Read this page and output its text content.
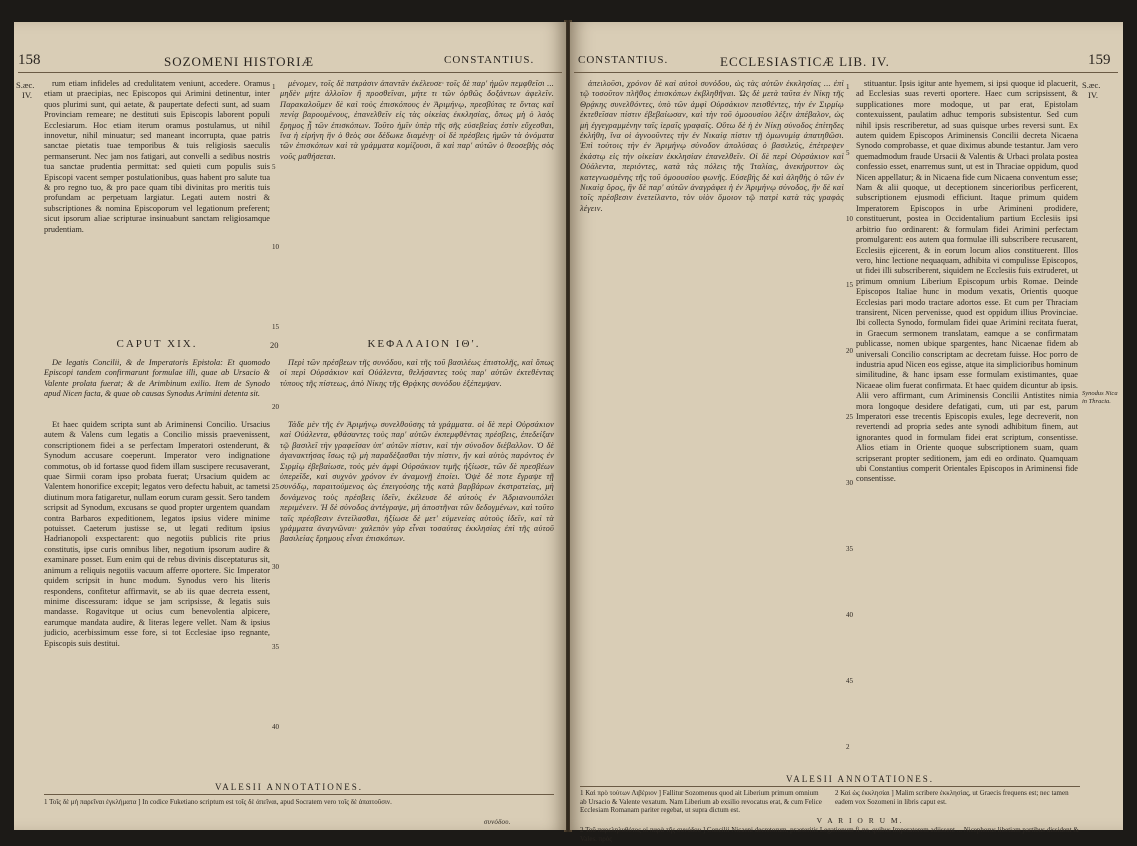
158	SOZOMENI HISTORIÆ	CONSTANTIUS.
S.æc.
IV.

rum etiam infideles ad credulitatem veniunt, accedere. Oramus etiam ut praecipias, nec Episcopos qui Arimini detinentur, inter quos plurimi sunt, qui aetate, & paupertate defecti sunt, ad suam Provinciam remeare; ne destituti suis Episcopis laborent populi Ecclesiarum. Hoc etiam iterum oramus postulamus, ut nihil innovetur, nihil minuatur; sed maneant incorrupta, quae patris sanctae pietatis tuae temporibus & tuis religiosis saeculis permanserunt. Nec jam nos fatigari, aut convelli a sedibus nostris tua sanctae prudentia permittat: sed quieti cum populis suis Episcopi vacent semper postulationibus, quas habent pro salute tua & pro regno tuo, & pro pace quam tibi divinitas pro meritis tuis profundam ac perpetuam largiatur. Legati autem nostri & subscriptiones & nomina Episcoporum vel legationum preferent; sicut ipsorum aliae scripturae insinuabunt sanctam religiosamque prudentiam.

μένομεν, τοῖς δὲ πατράσιν ἀπαντᾶν ἐκέλευσε· τοῖς δὲ παρ' ἡμῶν πεμφθεῖσι ... μηδὲν μήτε ἀλλοῖον ἢ προσθεῖναι, μήτε τι τῶν ὀρθῶς δοξάντων ἀφελεῖν. Παρακαλοῦμεν δὲ καὶ τοὺς ἐπισκόπους ἐν Ἀριμήνῳ, πρεσβύτας τε ὄντας καὶ πενίᾳ βαρουμένους, ἐπανελθεῖν εἰς τὰς οἰκείας ἐκκλησίας, ὅπως μὴ ὁ λαὸς ἔρημος ᾖ τῶν ἐπισκόπων. Τοῦτο ἡμῖν ὑπὲρ τῆς σῆς εὐσεβείας ἐστὶν εὔχεσθαι, ἵνα ἡ εἰρήνη ἣν ὁ θεὸς σοι δέδωκε διαμένῃ· οἱ δὲ πρέσβεις ἡμῶν τὰ ὀνόματα τῶν ἐπισκόπων καὶ τὰ γράμματα κομίζουσι, ἅ καὶ παρ' αὐτῶν ὁ θεοσεβὴς σὸς νοῦς μαθήσεται.

CAPUT XIX.	20	ΚΕΦΑΛΑΙΟΝ ΙΘʹ.

De legatis Concilii, & de Imperatoris Epistola: Et quomodo Episcopi tandem confirmarunt formulae illi, quae ab Ursacio & Valente prolata fuerat; & de Arimbinum exilio. Item de Synodo apud Nicen facta, & quae ob causas Synodus Arimini detenta sit.

Περὶ τῶν πρέσβεων τῆς συνόδου, καὶ τῆς τοῦ βασιλέως ἐπιστολῆς, καὶ ὅπως οἱ περὶ Οὐρσάκιον καὶ Οὐάλεντα, θελήσαντες τοὺς παρ' αὐτῶν ἐκτεθέντας τύπους τῆς πίστεως, ἀπὸ Νίκης τῆς Θρᾴκης συνόδου ἐξέπεμψαν.

Et haec quidem scripta sunt ab Ariminensi Concilio. Ursacius autem & Valens cum legatis a Concilio missis praevenissent, conscriptionem fidei a se perfectam Imperatori ostenderunt, & Synodum accusare coeperunt. Imperator vero indignatione commotus, ob id fortasse quod fidem illam suscipere recusaverant, quae Sirmii coram ipso probata fuerat; Ursacium quidem ac Valentem honorifice excepit; legatos vero defectu habuit, ac tametsi diutinum mora fatigaretur, nullam eorum curam gessit. Sero tandem scripsit ad Synodum, excusans se quod propter urgentem quandam contra Barbaros expeditionem, legatos ipsius videre minime potuisset. Caeterum justisse se, ut legati reditum ipsius Hadrianopoli exspectarent: quo negotiis publicis rite prius constitutis, ipse curis omnibus liber, negotium ipsorum audire & examinare posset. Eum enim qui de rebus divinis disceptaturus sit, animum a reliquis negotiis vacuum afferre oportere. Sic Imperator quidem scripsit in hunc modum. Synodus vero his literis respondens, confitetur affirmavit, se ab iis quae decreta essent, minime discessuram: idque se jam scripsisse, & legatis suis mandasse. Rogavitque ut ocius cum benevolentia alpicere, earumque mandata audire, & literas legere vellet. Nam & ipsius judicio, acerbissimum esse fore, si tot Ecclesiae ipso regnante, Episcopis suis destitui.

Τάδε μὲν τῆς ἐν Ἀριμήνῳ συνελθούσης τὰ γράμματα. οἱ δὲ περὶ Οὐρσάκιον καὶ Οὐάλεντα, φθάσαντες τοὺς παρ' αὐτῶν ἐκπεμφθέντας πρέσβεις, ἐπεδείξαν τῷ βασιλεῖ τὴν γραφεῖσαν ὑπ' αὐτῶν πίστιν, καὶ τὴν σύνοδον διέβαλλον. Ὁ δὲ ἀγανακτήσας ἴσως τῷ μὴ παραδέξασθαι τὴν πίστιν, ἣν καὶ αὐτὸς παρόντος ἐν Σιρμίῳ ἐβεβαίωσε, τοὺς μὲν ἀμφὶ Οὐρσάκιον τιμῆς ἠξίωσε, τῶν δὲ πρεσβέων ὑπερεῖδε, καὶ συχνὸν χρόνον ἐν ἀναμονῇ ἐποίει. Ὀψὲ δὲ ποτε ἔγραψε τῇ συνόδῳ, παραιτούμενος ὡς ἐπειγούσης τῆς κατὰ βαρβάρων ἐκστρατείας, μὴ δυνάμενος τοὺς πρέσβεις ἰδεῖν, ἐκέλευσε δὲ αὐτοὺς ἐν Ἀδριανουπόλει περιμένειν. Ἡ δὲ σύνοδος ἀντέγραψε, μὴ ἀποστῆναι τῶν δεδογμένων, καὶ τοῦτο ταῖς πρέσβεσιν ἐντείλασθαι, ἠξίωσε δὲ μετ' εὐμενείας αὐτοὺς ἰδεῖν, καὶ τὰ γράμματα ἀναγνῶναι· χαλεπὸν γὰρ εἶναι τοσαύτας ἐκκλησίας ἐπὶ τῆς αὐτοῦ βασιλείας ἔρημους εἶναι ἐπισκόπων.

VALESII ANNOTATIONES.
1 Τοῖς δὲ μὴ παρεῖναι ἐγκλήματα ] In codice Fuketiano scriptum est τοῖς δὲ ἀπεῖναι, apud Socratem vero τοῖς δὲ ἀπαιτοῦσιν.
συνόδου.
1
5
10
15
20
25
30
35
40
CONSTANTIUS.	ECCLESIASTICÆ LIB. IV.	159
S.æc.
IV.
Synodus Nica in Thracia.

ἀπειλοῦσι, χρόνον δὲ καὶ αὐτοὶ συνόδου, ὡς τὰς αὐτῶν ἐκκλησίας ... ἐπὶ τῷ τοσοῦτον πλῆθος ἐπισκόπων ἐκβληθῆναι. Ὡς δὲ μετὰ ταῦτα ἐν Νίκῃ τῆς Θρᾴκης συνελθόντες, ὑπὸ τῶν ἀμφὶ Οὐρσάκιον πεισθέντες, τὴν ἐν Σιρμίῳ ἐκτεθεῖσαν πίστιν ἐβεβαίωσαν, καὶ τὴν τοῦ ὁμοουσίου λέξιν ἀπέβαλον, ὡς μὴ ἐγγεγραμμένην ταῖς ἱεραῖς γραφαῖς. Οὕτω δὲ ἡ ἐν Νίκῃ σύνοδος ἐπίτηδες ἐκλήθη, ἵνα οἱ ἀγνοοῦντες τὴν ἐν Νικαίᾳ πίστιν τῇ ὁμωνυμίᾳ ἀπατηθῶσι. Ἐπὶ τούτοις τὴν ἐν Ἀριμήνῳ σύνοδον ἀπολύσας ὁ βασιλεύς, ἐπέτρεψεν ἑκάστῳ εἰς τὴν οἰκείαν ἐκκλησίαν ἐπανελθεῖν. Οἱ δὲ περὶ Οὐρσάκιον καὶ Οὐάλεντα, περιόντες, κατὰ τὰς πόλεις τῆς Ἰταλίας, ἀνεκήρυττον ὡς κατεγνωσμένης τῆς τοῦ ὁμοουσίου φωνῆς. Εὐσεβὴς δὲ καὶ ἀληθὴς ὁ τῶν ἐν Νικαίᾳ ὅρος, ἣν δὲ παρ' αὐτῶν ἀναγράφει ἡ ἐν Ἀριμήνῳ σύνοδος, ἣν δὲ καὶ τοῖς πρέσβεσιν ἐνετείλαντο, τὸν υἱὸν ὅμοιον τῷ πατρὶ κατὰ τὰς γραφὰς λέγειν.

stituantur. Ipsis igitur ante hyemem, si ipsi quoque id placuerit, ad Ecclesias suas reverti oportere. Haec cum scripsissent, & supplicationes more modoque, ut par erat, Epistolam contexuissent, paulatim adhuc temporis subsistentur. Sed cum nihil ipsis rescriberetur, ad suas quisque urbes reversi sunt. Ex autem quidem Episcopos Ariminensis Concilii decreta Nicaena Synodo comprobasse, et quae diximus abunde testantur. Jam vero quemadmodum fraude Ursacii & Valentis & Urbaci prolata postea confessio esset, enarremus sunt, ut est in Thraciae oppidum, quod Nicen appellatur; & in Nicaena fide cum Nicaena conventum esse; Nam & alii quoque, ut deceptionem sincerioribus perficerent, subscriptionem ejusmodi efficiunt. Itaque primum quidem Imperatorem Episcopos in urbe Arimineni prodidere, constituerunt, postea in Occidentalium partium Ecclesiis ipsi arbitrio fuo ordinarent: & formulam fidei Arimini perfectam promulgarent: eos autem qua formulae illi subscribere recusarent, Ecclesiis ejicerent, & in eorum locum alios constituerent. Illos vero, hinc lectione nequaquam, adhibita vi compulisse Episcopos, ut fidei illi subscriberent, siquidem ne Ecclesiis fuis extruderet, ut primum omnium Liberium Episcopum urbis Romae. Deinde Episcopos Italiae hunc in modum vexatis, Orientis quoque Ecclesias pari modo tractare adortos esse. Et cum per Thraciam transirent, Nicen pervenisse, quod est oppidum illius Provinciae. Ibi collecta Synodo, formulam fidei quae Arimini recitata fuerat, in Graecum sermonem translatam, eamque a se confirmatam publicasse, nomen ubique spargentes, hanc Nicaenae fidem ab universali Concilio conscriptam ac decretam fuisse. Hoc porro de industria apud Nicen eos egisse, atque ita simplicioribus hominum similitudine, & hanc ipsam esse formulam existimantes, quae Nicaeae olim fuerat confirmata. Et haec quidem dicuntur ab ipsis. Alii vero affirmant, cum Ariminensis Concilii Antistites nimia mora longoque desidere defatigati, cum, uti par est, parum Imperatori esse trecentis Episcopis exules, lege decreverit, non revertendi ad propria sedes ante synodi adhibitum finem, aut ignorantes quod in formulam fidei erat scriptum, consentisse. Alios etiam in Oriente quoque subscriptionem suam, quam scripserant propter seditionem, jam edi eo ordinato. Quamquam ubi Constantius comperit Orientales Episcopos in Ariminensi fide consentisse.

VALESII ANNOTATIONES.
1 Καὶ πρὸ τούτων Λιβέριον ] Fallitur Sozomenus quod ait Liberium primum omnium ab Ursacio & Valente vexatum. Nam Liberium ab exsilio revocatus erat, & cum Felice Ecclesiam Romanam pariter regebat, ut supra dictum est.
2 Καὶ ὡς ἐκκλησίαι ] Malim scribere ἐκκλησίας, ut Graecis frequens est; nec tamen eadem vox Sozomeni in libris caput est.
V A R I O R U M.
2 Τοῦ παρεληλυθότος οἱ παρὰ τῆς συνόδου ] Concilii Nicaeni decretorum, praeteritis Legationum fi-ne, quibus Imperatorem adiissent ... Nicephorus libetiam partibus dissident & Vales. πρός
1
5
10
15
20
25
30
35
40
45
2
